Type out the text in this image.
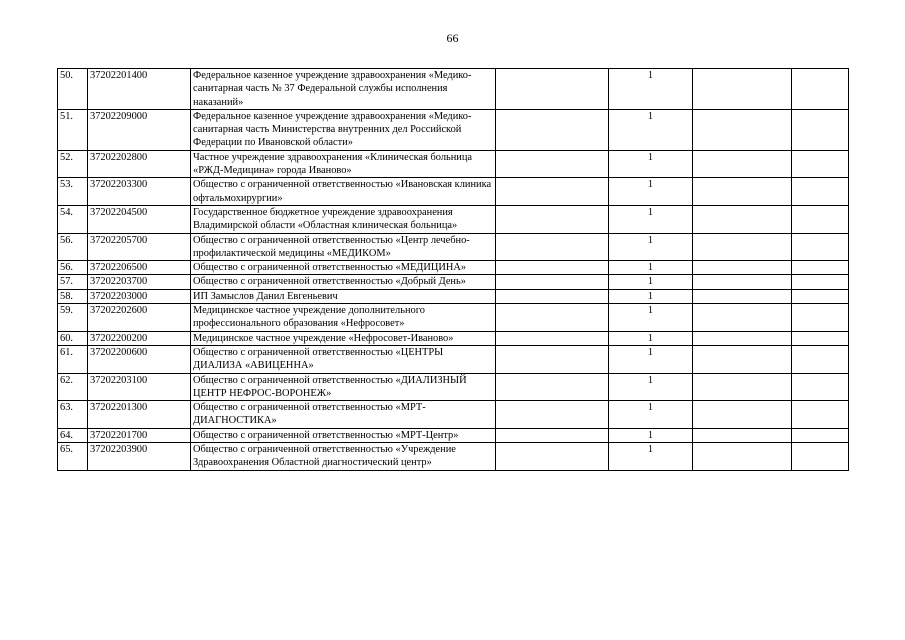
66
50.	37202201400	Федеральное казенное учреждение здравоохранения «Медико-санитарная часть № 37 Федеральной службы исполнения наказаний»		1		
51.	37202209000	Федеральное казенное учреждение здравоохранения «Медико-санитарная часть Министерства внутренних дел Российской Федерации по Ивановской области»		1		
52.	37202202800	Частное учреждение здравоохранения «Клиническая больница «РЖД-Медицина» города Иваново»		1		
53.	37202203300	Общество с ограниченной ответственностью «Ивановская клиника офтальмохирургии»		1		
54.	37202204500	Государственное бюджетное учреждение здравоохранения Владимирской области «Областная клиническая больница»		1		
56.	37202205700	Общество с ограниченной ответственностью «Центр лечебно-профилактической медицины «МЕДИКОМ»		1		
56.	37202206500	Общество с ограниченной ответственностью «МЕДИЦИНА»		1		
57.	37202203700	Общество с ограниченной ответственностью «Добрый День»		1		
58.	37202203000	ИП Замыслов Данил Евгеньевич		1		
59.	37202202600	Медицинское частное учреждение дополнительного профессионального образования «Нефросовет»		1		
60.	37202200200	Медицинское частное учреждение «Нефросовет-Иваново»		1		
61.	37202200600	Общество с ограниченной ответственностью «ЦЕНТРЫ ДИАЛИЗА «АВИЦЕННА»		1		
62.	37202203100	Общество с ограниченной ответственностью «ДИАЛИЗНЫЙ ЦЕНТР НЕФРОС-ВОРОНЕЖ»		1		
63.	37202201300	Общество с ограниченной ответственностью «МРТ-ДИАГНОСТИКА»		1		
64.	37202201700	Общество с ограниченной ответственностью «МРТ-Центр»		1		
65.	37202203900	Общество с ограниченной ответственностью «Учреждение Здравоохранения Областной диагностический центр»		1		
